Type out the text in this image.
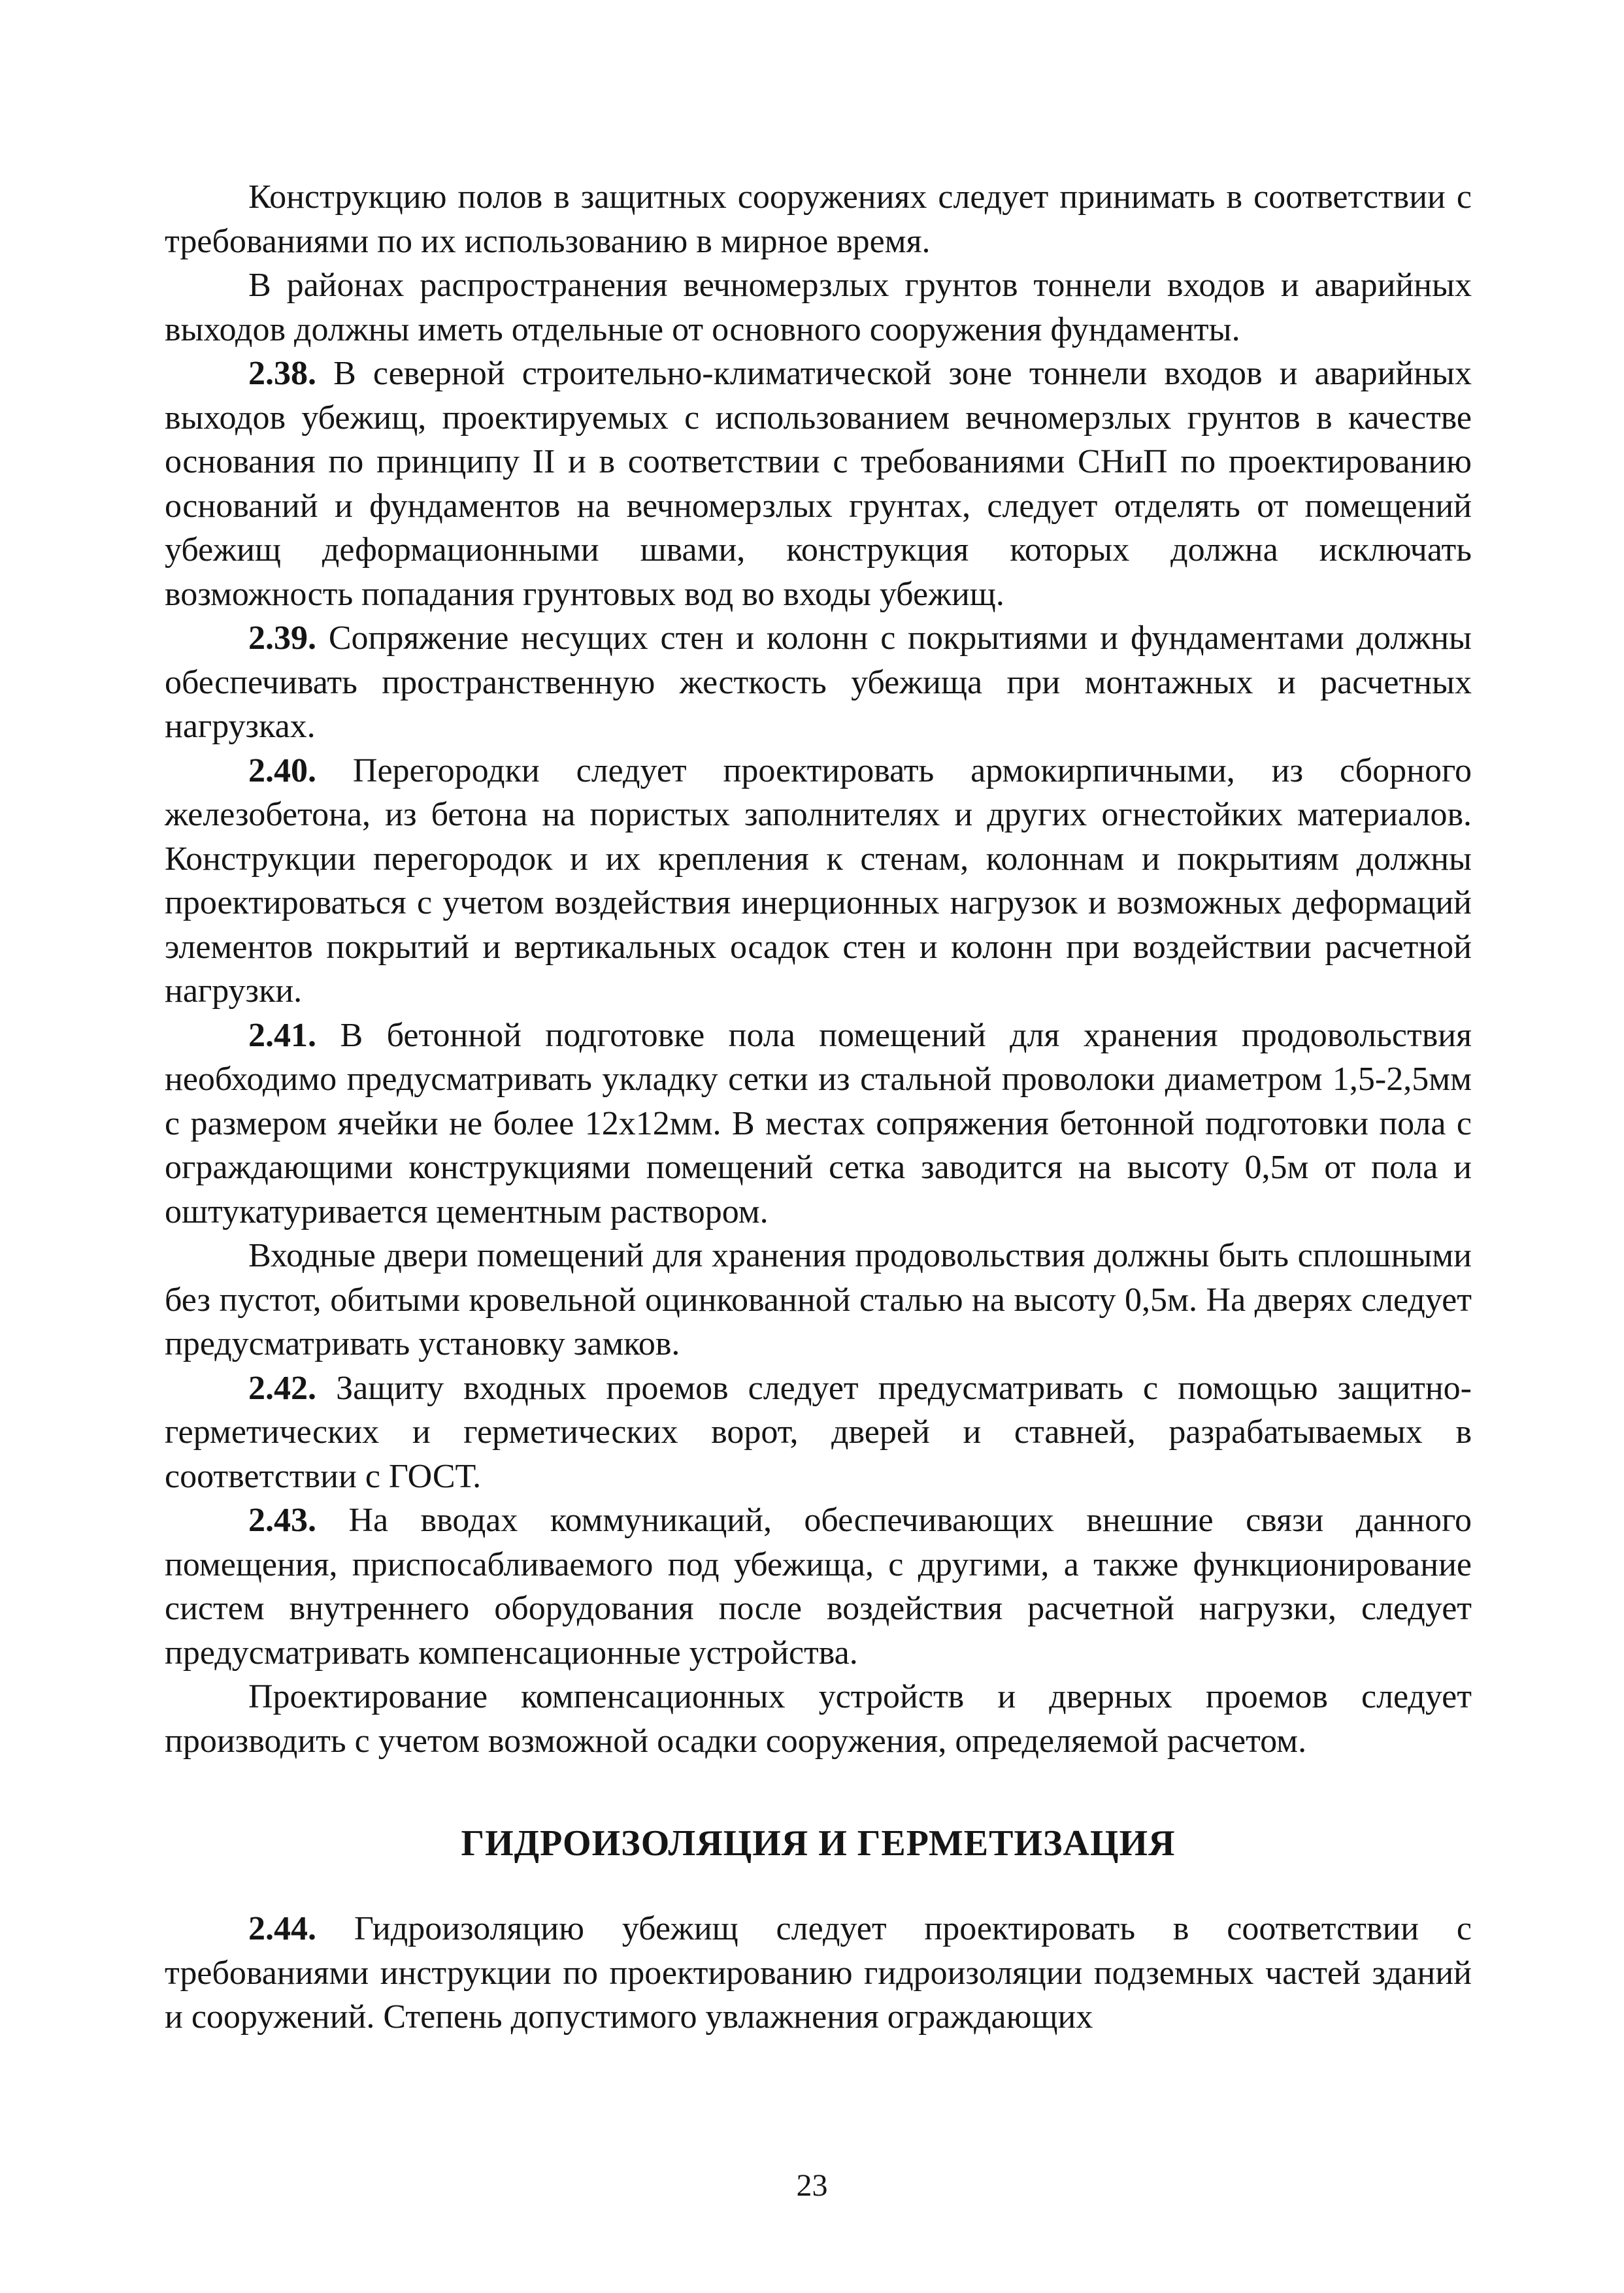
Конструкцию полов в защитных сооружениях следует принимать в соответствии с требованиями по их использованию в мирное время.

В районах распространения вечномерзлых грунтов тоннели входов и аварийных выходов должны иметь отдельные от основного сооружения фундаменты.

2.38. В северной строительно-климатической зоне тоннели входов и аварийных выходов убежищ, проектируемых с использованием вечномерзлых грунтов в качестве основания по принципу II и в соответствии с требованиями СНиП по проектированию оснований и фундаментов на вечномерзлых грунтах, следует отделять от помещений убежищ деформационными швами, конструкция которых должна исключать возможность попадания грунтовых вод во входы убежищ.

2.39. Сопряжение несущих стен и колонн с покрытиями и фундаментами должны обеспечивать пространственную жесткость убежища при монтажных и расчетных нагрузках.

2.40. Перегородки следует проектировать армокирпичными, из сборного железобетона, из бетона на пористых заполнителях и других огнестойких материалов. Конструкции перегородок и их крепления к стенам, колоннам и покрытиям должны проектироваться с учетом воздействия инерционных нагрузок и возможных деформаций элементов покрытий и вертикальных осадок стен и колонн при воздействии расчетной нагрузки.

2.41. В бетонной подготовке пола помещений для хранения продовольствия необходимо предусматривать укладку сетки из стальной проволоки диаметром 1,5-2,5мм с размером ячейки не более 12х12мм. В местах сопряжения бетонной подготовки пола с ограждающими конструкциями помещений сетка заводится на высоту 0,5м от пола и оштукатуривается цементным раствором.

Входные двери помещений для хранения продовольствия должны быть сплошными без пустот, обитыми кровельной оцинкованной сталью на высоту 0,5м. На дверях следует предусматривать установку замков.

2.42. Защиту входных проемов следует предусматривать с помощью защитно-герметических и герметических ворот, дверей и ставней, разрабатываемых в соответствии с ГОСТ.

2.43. На вводах коммуникаций, обеспечивающих внешние связи данного помещения, приспосабливаемого под убежища, с другими, а также функционирование систем внутреннего оборудования после воздействия расчетной нагрузки, следует предусматривать компенсационные устройства.

Проектирование компенсационных устройств и дверных проемов следует производить с учетом возможной осадки сооружения, определяемой расчетом.

ГИДРОИЗОЛЯЦИЯ И ГЕРМЕТИЗАЦИЯ

2.44. Гидроизоляцию убежищ следует проектировать в соответствии с требованиями инструкции по проектированию гидроизоляции подземных частей зданий и сооружений. Степень допустимого увлажнения ограждающих

23
